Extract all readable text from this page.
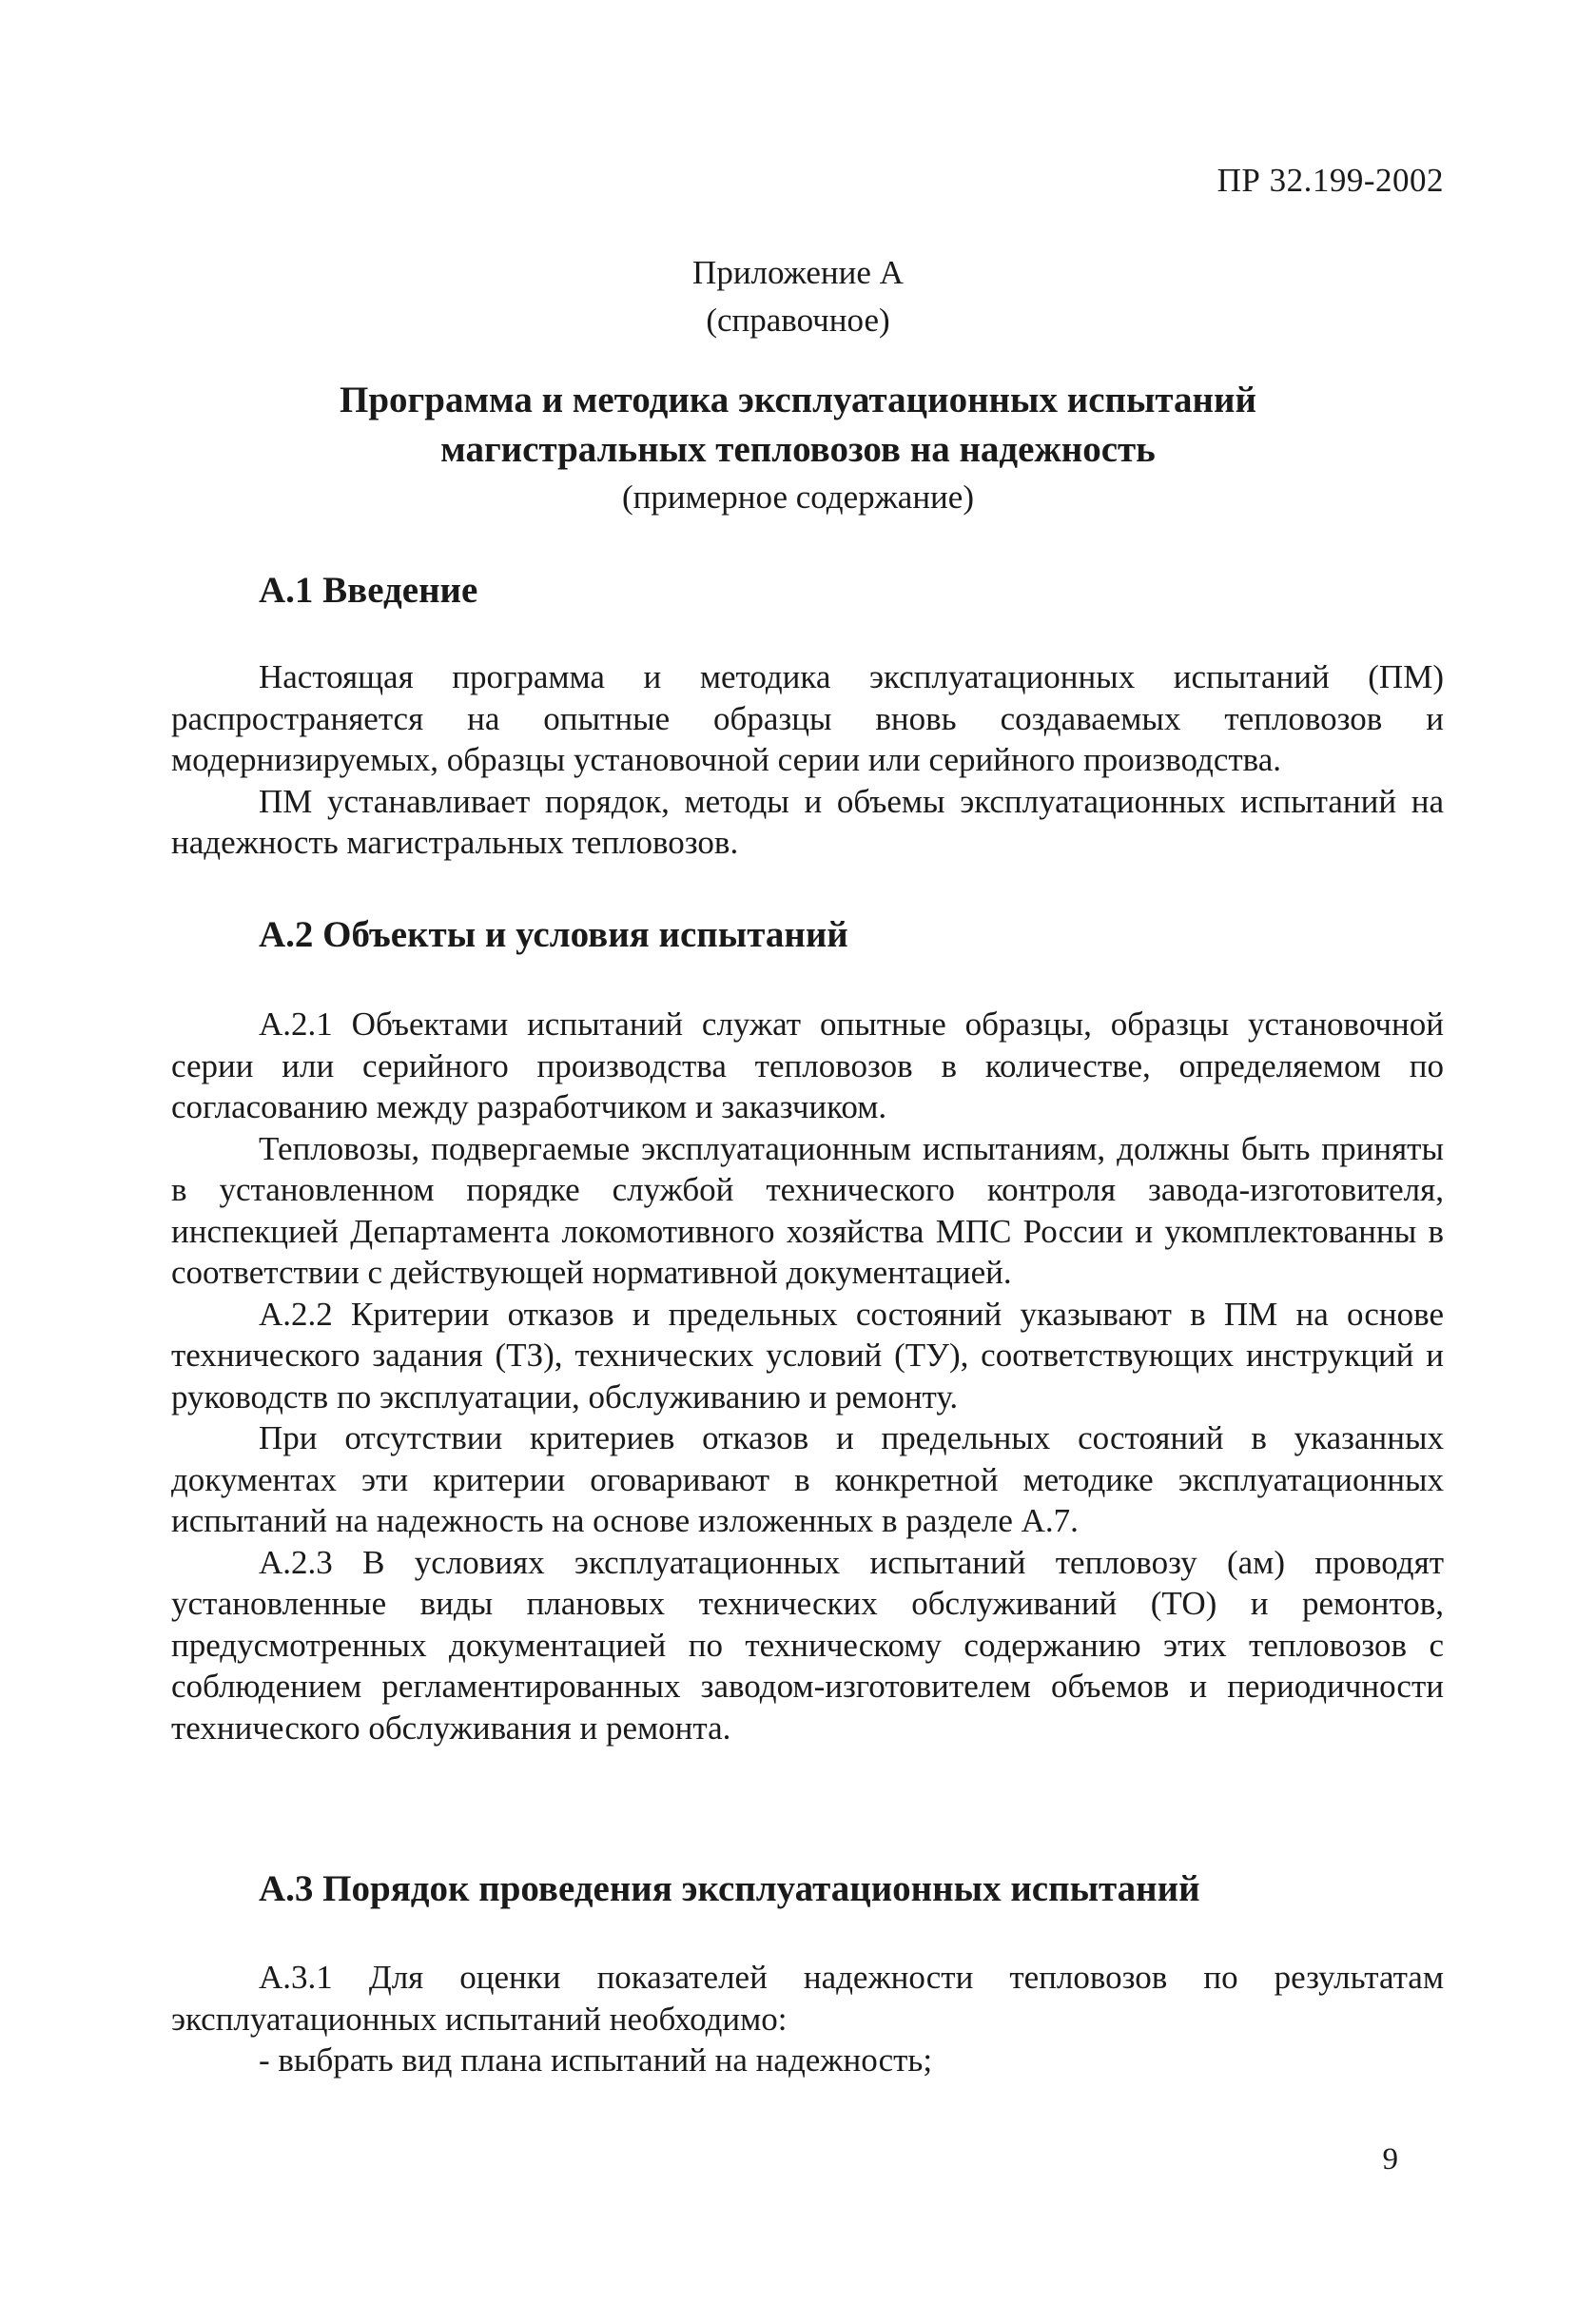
ПР 32.199-2002
Приложение А
(справочное)
Программа и методика эксплуатационных испытаний
магистральных тепловозов на надежность
(примерное содержание)
А.1 Введение

Настоящая программа и методика эксплуатационных испытаний (ПМ) распространяется на опытные образцы вновь создаваемых тепловозов и модернизируемых, образцы установочной серии или серийного производства.

ПМ устанавливает порядок, методы и объемы эксплуатационных испытаний на надежность магистральных тепловозов.

А.2 Объекты и условия испытаний

А.2.1 Объектами испытаний служат опытные образцы, образцы установочной серии или серийного производства тепловозов в количестве, определяемом по согласованию между разработчиком и заказчиком.

Тепловозы, подвергаемые эксплуатационным испытаниям, должны быть приняты в установленном порядке службой технического контроля завода-изготовителя, инспекцией Департамента локомотивного хозяйства МПС России и укомплектованны в соответствии с действующей нормативной документацией.

А.2.2 Критерии отказов и предельных состояний указывают в ПМ на основе технического задания (ТЗ), технических условий (ТУ), соответствующих инструкций и руководств по эксплуатации, обслуживанию и ремонту.

При отсутствии критериев отказов и предельных состояний в указанных документах эти критерии оговаривают в конкретной методике эксплуатационных испытаний на надежность на основе изложенных в разделе А.7.

А.2.3 В условиях эксплуатационных испытаний тепловозу (ам) проводят установленные виды плановых технических обслуживаний (ТО) и ремонтов, предусмотренных документацией по техническому содержанию этих тепловозов с соблюдением регламентированных заводом-изготовителем объемов и периодичности технического обслуживания и ремонта.

А.3 Порядок проведения эксплуатационных испытаний

А.3.1 Для оценки показателей надежности тепловозов по результатам эксплуатационных испытаний необходимо:

- выбрать вид плана испытаний на надежность;

9
